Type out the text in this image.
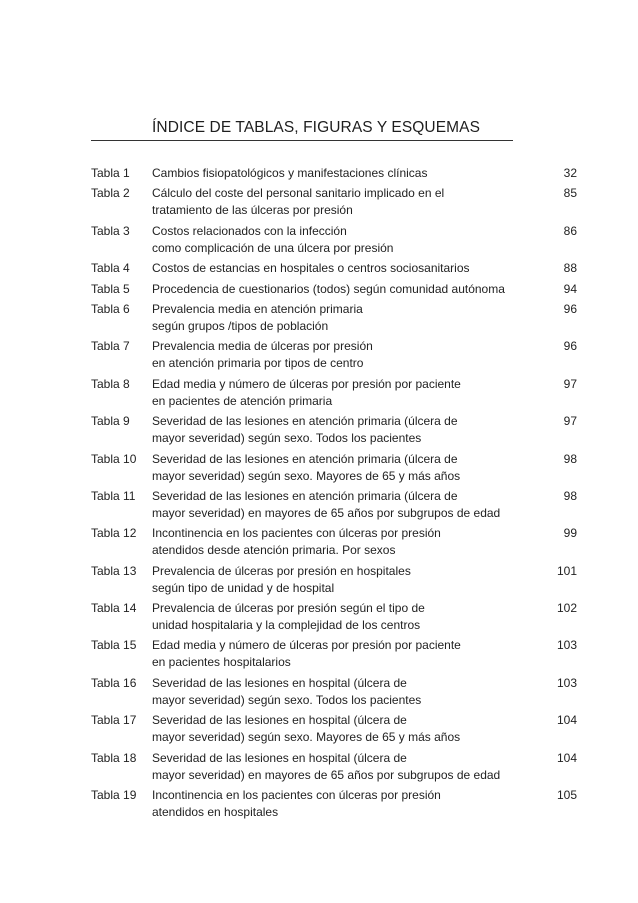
ÍNDICE DE TABLAS, FIGURAS Y ESQUEMAS
Tabla 1	Cambios fisiopatológicos y manifestaciones clínicas	32
Tabla 2	Cálculo del coste del personal sanitario implicado en el
tratamiento de las úlceras por presión
85
Tabla 3	Costos relacionados con la infección
como complicación de una úlcera por presión
86
Tabla 4	Costos de estancias en hospitales o centros sociosanitarios	88
Tabla 5	Procedencia de cuestionarios (todos) según comunidad autónoma	94
Tabla 6	Prevalencia media en atención primaria
según grupos /tipos de población
96
Tabla 7	Prevalencia media de úlceras por presión
en atención primaria por tipos de centro
96
Tabla 8	Edad media y número de úlceras por presión por paciente
en pacientes de atención primaria
97
Tabla 9	Severidad de las lesiones en atención primaria (úlcera de
mayor severidad) según sexo. Todos los pacientes
97
Tabla 10	Severidad de las lesiones en atención primaria (úlcera de
mayor severidad) según sexo. Mayores de 65 y más años
98
Tabla 11	Severidad de las lesiones en atención primaria (úlcera de
mayor severidad) en mayores de 65 años por subgrupos de edad
98
Tabla 12	Incontinencia en los pacientes con úlceras por presión
atendidos desde atención primaria. Por sexos
99
Tabla 13	Prevalencia de úlceras por presión en hospitales
según tipo de unidad y de hospital
101
Tabla 14	Prevalencia de úlceras por presión según el tipo de
unidad hospitalaria y la complejidad de los centros
102
Tabla 15	Edad media y número de úlceras por presión por paciente
en pacientes hospitalarios
103
Tabla 16	Severidad de las lesiones en hospital (úlcera de
mayor severidad) según sexo. Todos los pacientes
103
Tabla 17	Severidad de las lesiones en hospital (úlcera de
mayor severidad) según sexo. Mayores de 65 y más años
104
Tabla 18	Severidad de las lesiones en hospital (úlcera de
mayor severidad) en mayores de 65 años por subgrupos de edad
104
Tabla 19	Incontinencia en los pacientes con úlceras por presión
atendidos en hospitales
105
